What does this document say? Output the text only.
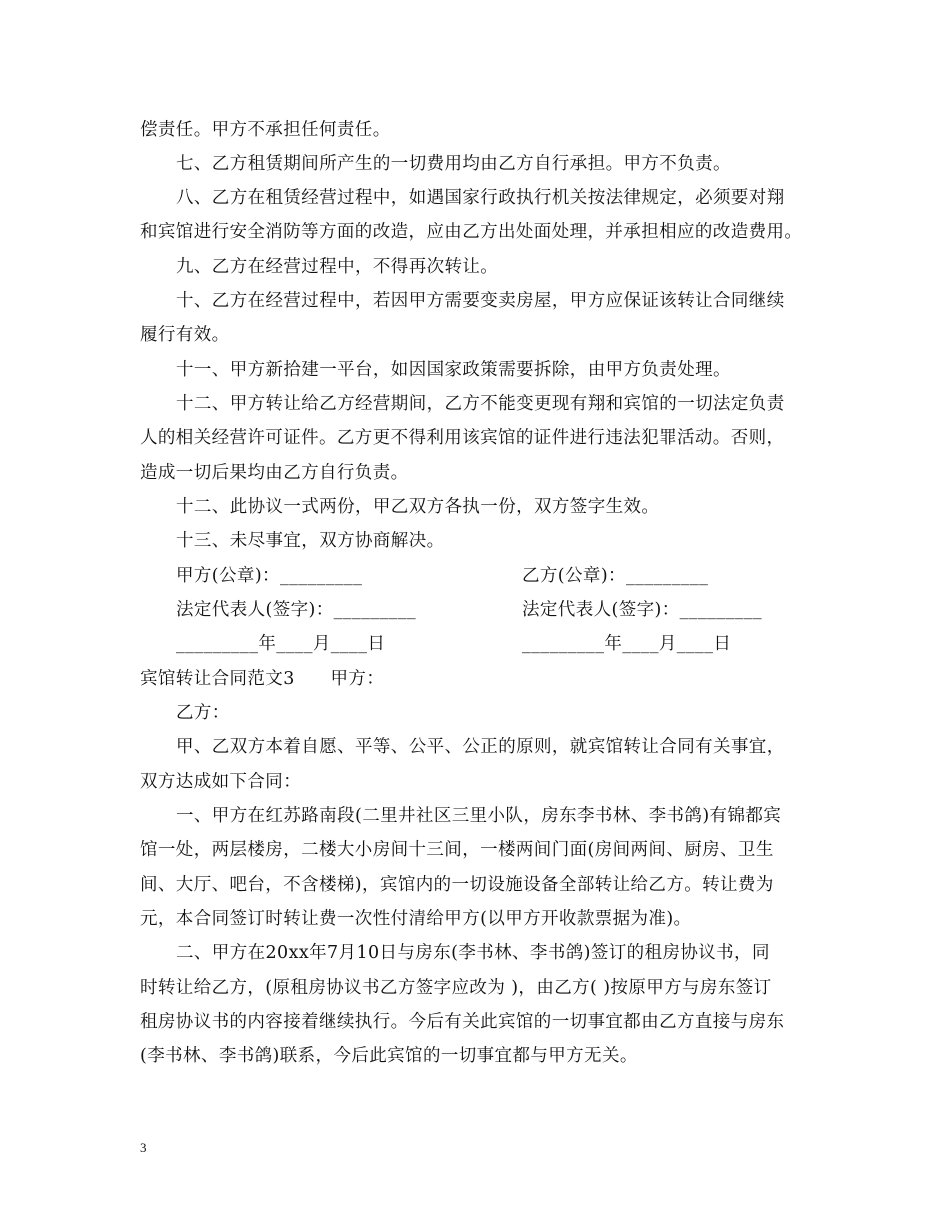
偿责任。甲方不承担任何责任。
七、乙方租赁期间所产生的一切费用均由乙方自行承担。甲方不负责。
八、乙方在租赁经营过程中，如遇国家行政执行机关按法律规定，必须要对翔
和宾馆进行安全消防等方面的改造，应由乙方出处面处理，并承担相应的改造费用。
九、乙方在经营过程中，不得再次转让。
十、乙方在经营过程中，若因甲方需要变卖房屋，甲方应保证该转让合同继续
履行有效。
十一、甲方新拾建一平台，如因国家政策需要拆除，由甲方负责处理。
十二、甲方转让给乙方经营期间，乙方不能变更现有翔和宾馆的一切法定负责
人的相关经营许可证件。乙方更不得利用该宾馆的证件进行违法犯罪活动。否则，
造成一切后果均由乙方自行负责。
十二、此协议一式两份，甲乙双方各执一份，双方签字生效。
十三、未尽事宜，双方协商解决。
甲方(公章)：_________	乙方(公章)：_________
法定代表人(签字)：_________	法定代表人(签字)：_________
_________年____月____日	_________年____月____日
宾馆转让合同范文3　　甲方：
乙方：
甲、乙双方本着自愿、平等、公平、公正的原则，就宾馆转让合同有关事宜，
双方达成如下合同：
一、甲方在红苏路南段(二里井社区三里小队，房东李书林、李书鸽)有锦都宾
馆一处，两层楼房，二楼大小房间十三间，一楼两间门面(房间两间、厨房、卫生
间、大厅、吧台，不含楼梯)，宾馆内的一切设施设备全部转让给乙方。转让费为
元，本合同签订时转让费一次性付清给甲方(以甲方开收款票据为准)。
二、甲方在20xx年7月10日与房东(李书林、李书鸽)签订的租房协议书，同
时转让给乙方，(原租房协议书乙方签字应改为 )，由乙方( )按原甲方与房东签订
租房协议书的内容接着继续执行。今后有关此宾馆的一切事宜都由乙方直接与房东
(李书林、李书鸽)联系，今后此宾馆的一切事宜都与甲方无关。
3
